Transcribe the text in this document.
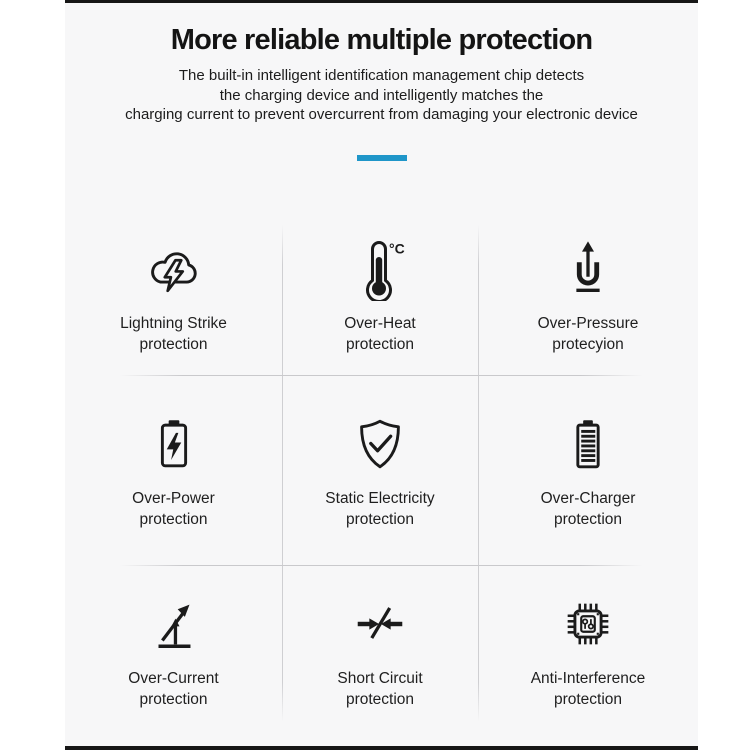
More reliable multiple protection
The built-in intelligent identification management chip detects
the charging device and intelligently matches the
charging current to prevent overcurrent from damaging your electronic device
Lightning Strike
protection
°C
Over-Heat
protection
Over-Pressure
protecyion
Over-Power
protection
Static Electricity
protection
Over-Charger
protection
Over-Current
protection
Short Circuit
protection
Anti-Interference
protection
